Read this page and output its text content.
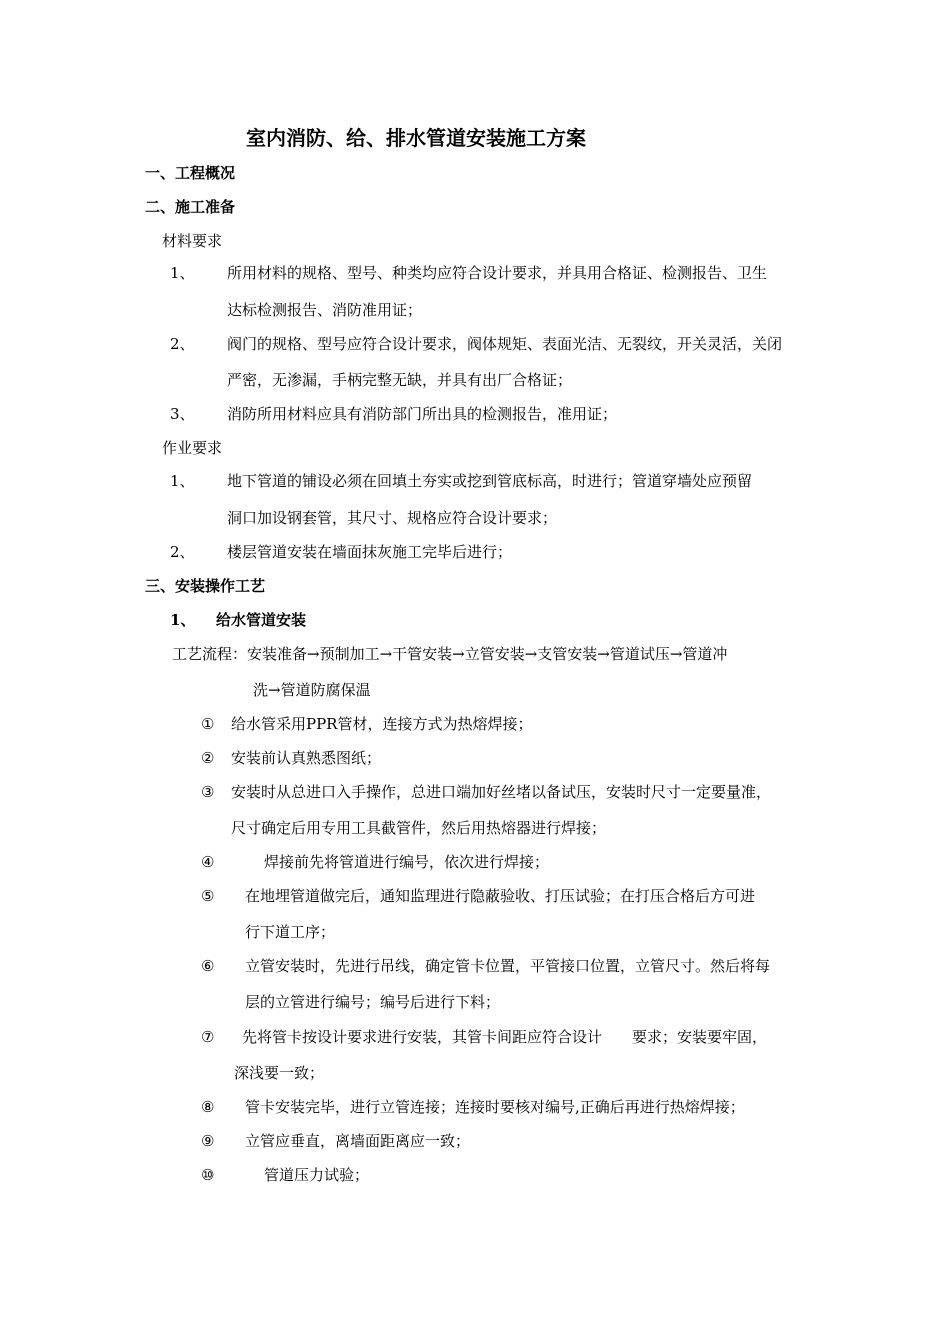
室内消防、给、排水管道安装施工方案
一、工程概况
二、施工准备
材料要求
1、 所用材料的规格、型号、种类均应符合设计要求，并具用合格证、检测报告、卫生
达标检测报告、消防准用证；
2、 阀门的规格、型号应符合设计要求，阀体规矩、表面光洁、无裂纹，开关灵活，关闭
严密，无渗漏，手柄完整无缺，并具有出厂合格证；
3、 消防所用材料应具有消防部门所出具的检测报告，准用证；
作业要求
1、 地下管道的铺设必须在回填土夯实或挖到管底标高，时进行；管道穿墙处应预留
洞口加设钢套管，其尺寸、规格应符合设计要求；
2、 楼层管道安装在墙面抹灰施工完毕后进行；
三、安装操作工艺
1、 给水管道安装
工艺流程：安装准备→预制加工→干管安装→立管安装→支管安装→管道试压→管道冲
洗→管道防腐保温
① 给水管采用PPR管材，连接方式为热熔焊接；
② 安装前认真熟悉图纸；
③ 安装时从总进口入手操作，总进口端加好丝堵以备试压，安装时尺寸一定要量准，
尺寸确定后用专用工具截管件，然后用热熔器进行焊接；
④	焊接前先将管道进行编号，依次进行焊接；
⑤ 在地埋管道做完后，通知监理进行隐蔽验收、打压试验；在打压合格后方可进
行下道工序；
⑥ 立管安装时，先进行吊线，确定管卡位置，平管接口位置，立管尺寸。然后将每
层的立管进行编号；编号后进行下料；
⑦ 先将管卡按设计要求进行安装，其管卡间距应符合设计　　要求；安装要牢固，
深浅要一致；
⑧ 管卡安装完毕，进行立管连接；连接时要核对编号,正确后再进行热熔焊接；
⑨ 立管应垂直，离墙面距离应一致；
⑩	管道压力试验；
